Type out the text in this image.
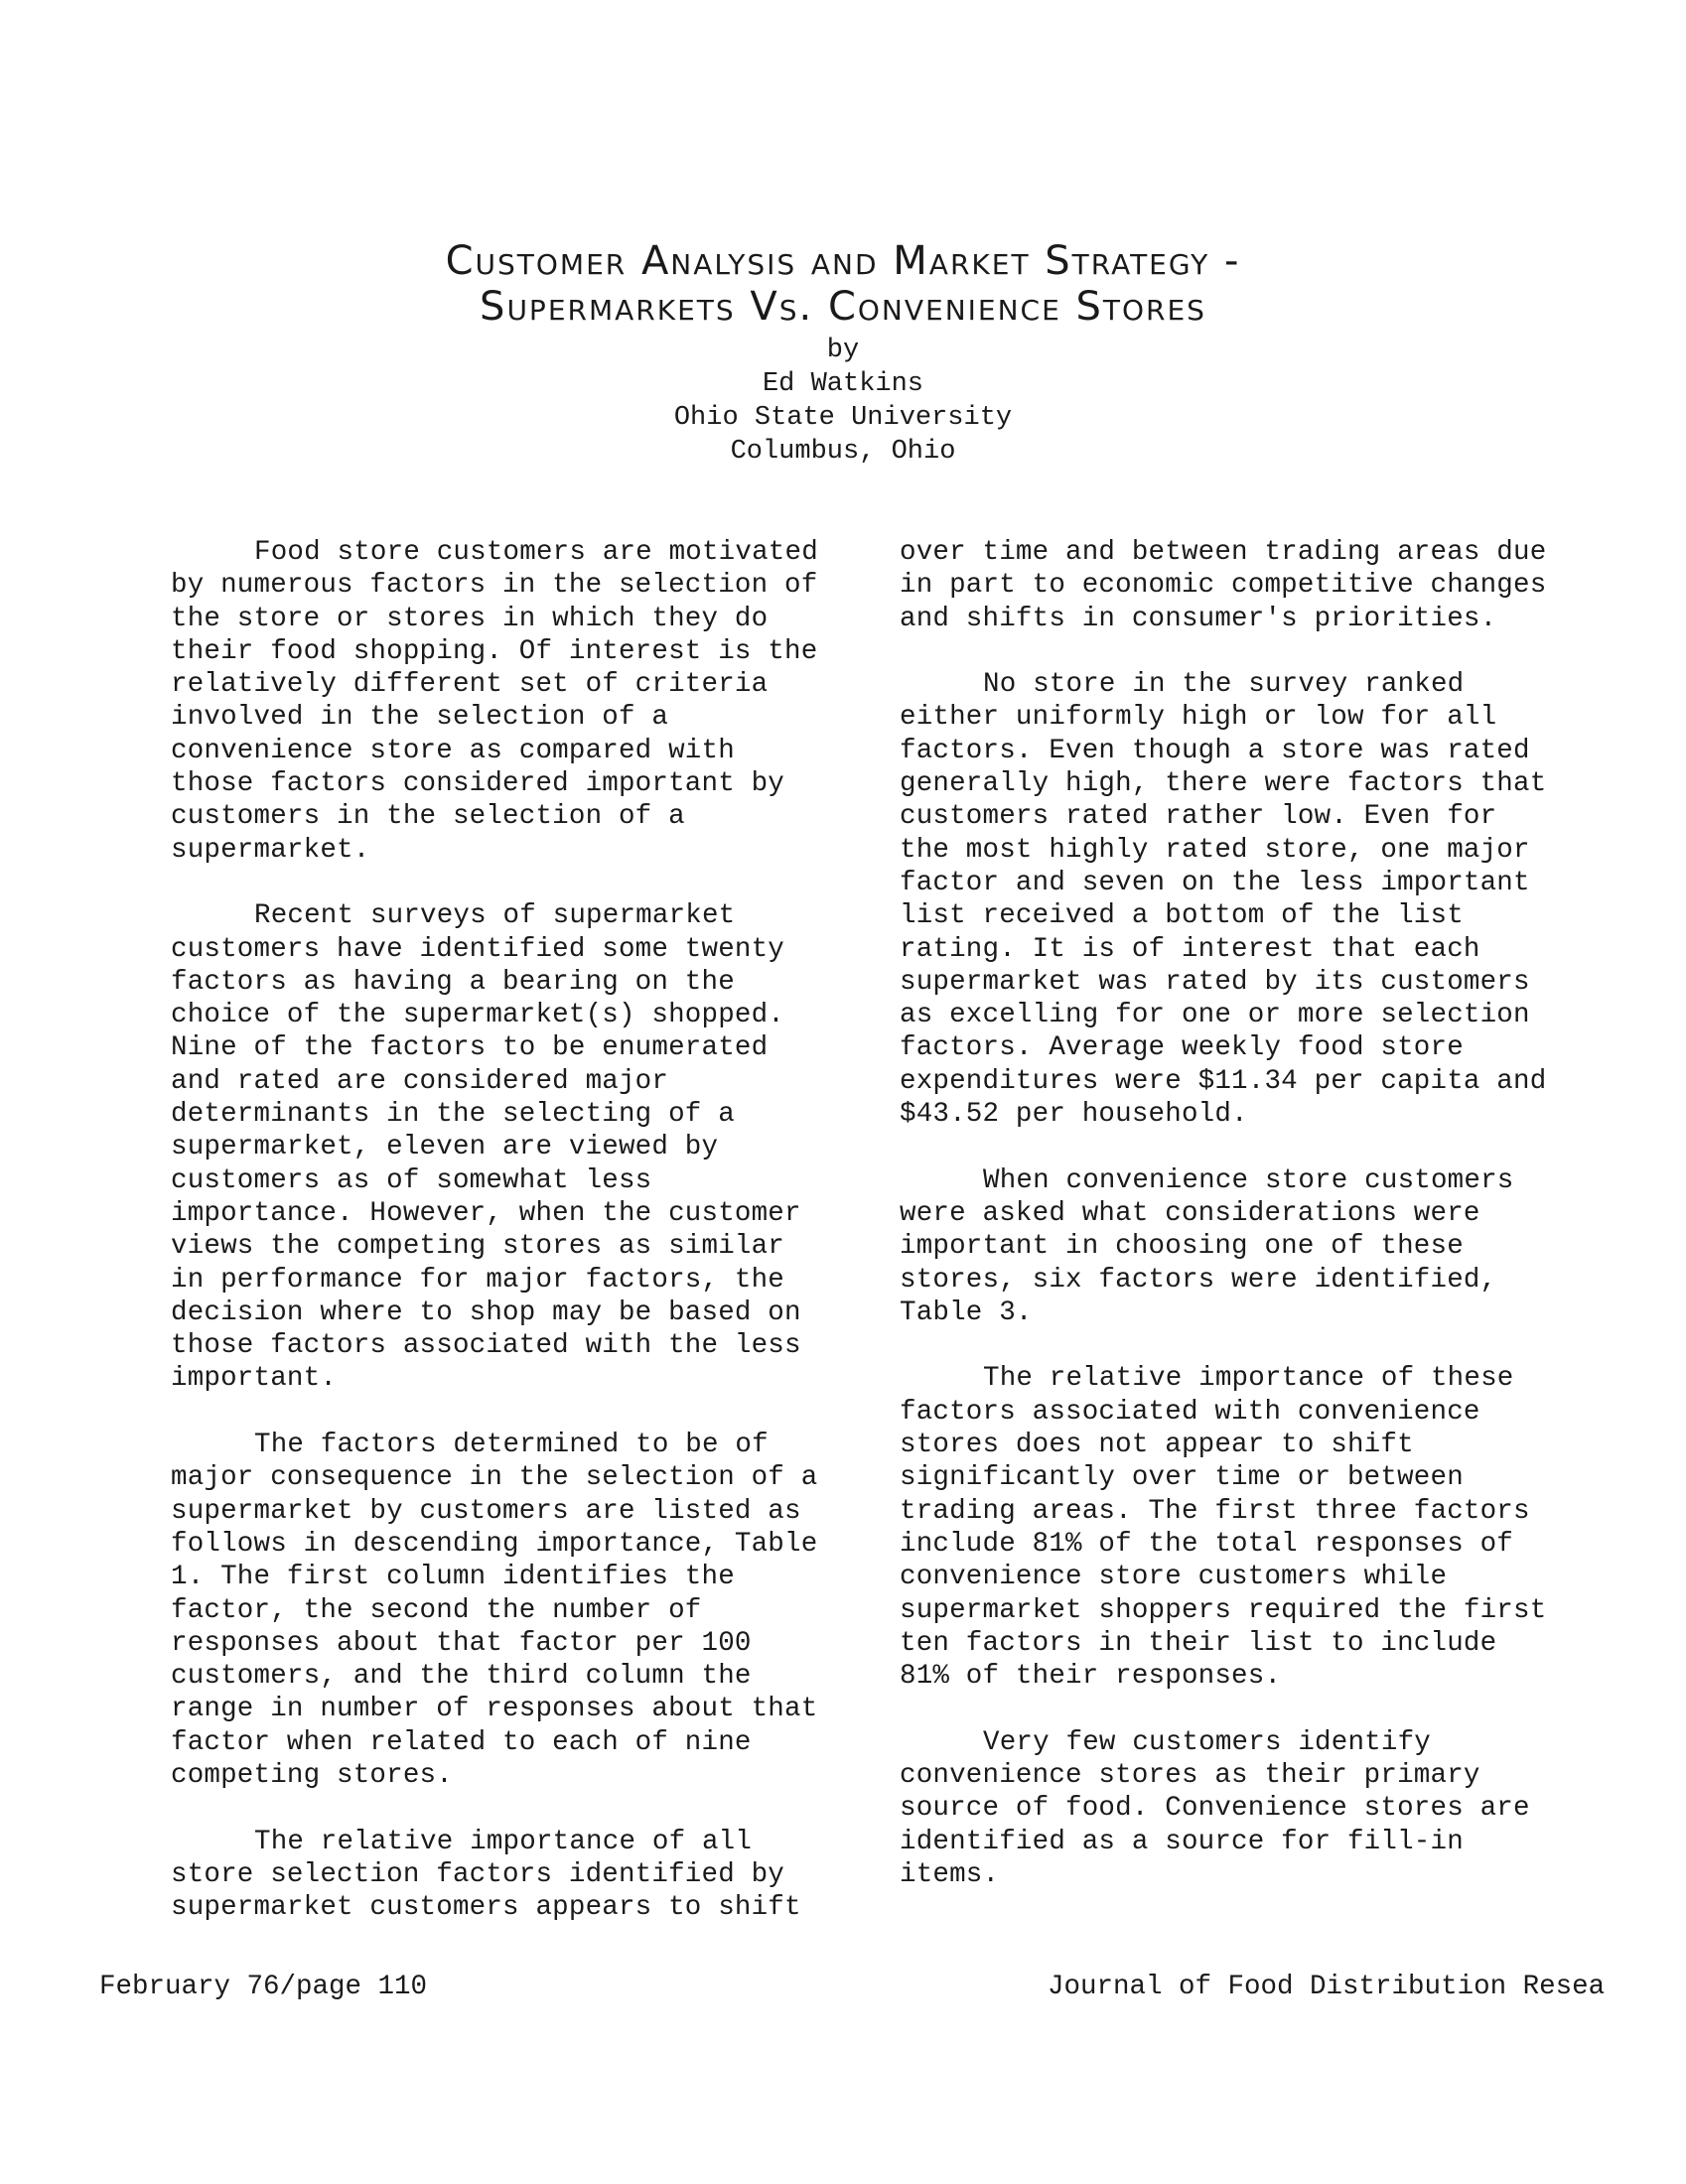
Customer Analysis and Market Strategy -
Supermarkets Vs. Convenience Stores

by

Ed Watkins

Ohio State University

Columbus, Ohio

Food store customers are motivated by numerous factors in the selection of the store or stores in which they do their food shopping. Of interest is the relatively different set of criteria involved in the selection of a convenience store as compared with those factors considered important by customers in the selection of a supermarket.

Recent surveys of supermarket customers have identified some twenty factors as having a bearing on the choice of the supermarket(s) shopped. Nine of the factors to be enumerated and rated are considered major determinants in the selecting of a supermarket, eleven are viewed by customers as of somewhat less importance. However, when the customer views the competing stores as similar in performance for major factors, the decision where to shop may be based on those factors associated with the less important.

The factors determined to be of major consequence in the selection of a supermarket by customers are listed as follows in descending importance, Table 1. The first column identifies the factor, the second the number of responses about that factor per 100 customers, and the third column the range in number of responses about that factor when related to each of nine competing stores.

The relative importance of all store selection factors identified by supermarket customers appears to shift

over time and between trading areas due in part to economic competitive changes and shifts in consumer's priorities.

No store in the survey ranked either uniformly high or low for all factors. Even though a store was rated generally high, there were factors that customers rated rather low. Even for the most highly rated store, one major factor and seven on the less important list received a bottom of the list rating. It is of interest that each supermarket was rated by its customers as excelling for one or more selection factors. Average weekly food store expenditures were $11.34 per capita and $43.52 per household.

When convenience store customers were asked what considerations were important in choosing one of these stores, six factors were identified, Table 3.

The relative importance of these factors associated with convenience stores does not appear to shift significantly over time or between trading areas. The first three factors include 81% of the total responses of convenience store customers while supermarket shoppers required the first ten factors in their list to include 81% of their responses.

Very few customers identify convenience stores as their primary source of food. Convenience stores are identified as a source for fill-in items.

February 76/page 110	Journal of Food Distribution Resea
